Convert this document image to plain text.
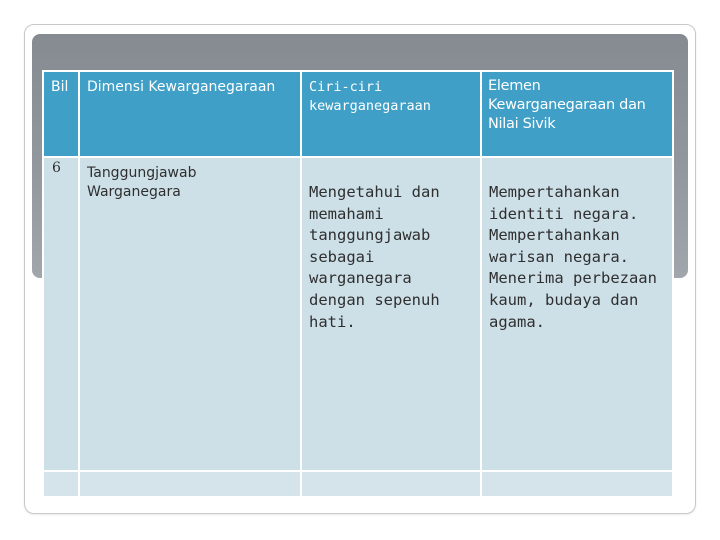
Bil	Dimensi Kewarganegaraan	Ciri-ciri kewarganegaraan	Elemen Kewarganegaraan dan Nilai Sivik

6	Tanggungjawab Warganegara	Mengetahui dan memahami tanggungjawab sebagai warganegara dengan sepenuh hati.	Mempertahankan identiti negara. Mempertahankan warisan negara. Menerima perbezaan kaum, budaya dan agama.
